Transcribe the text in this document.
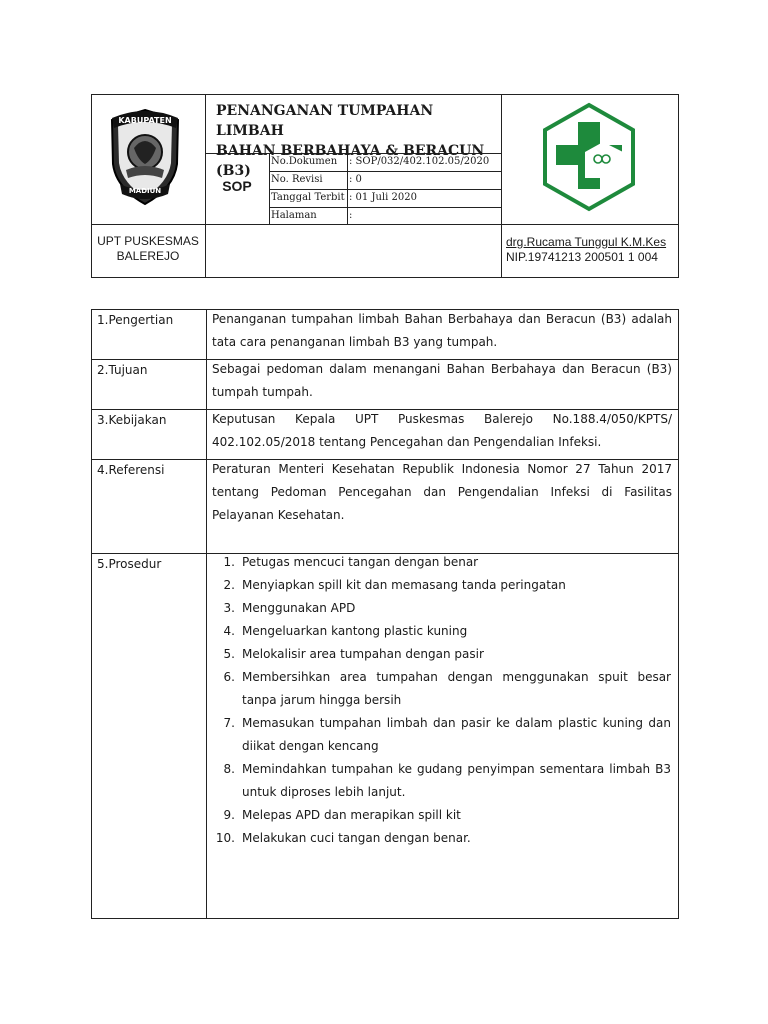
KABUPATEN
MADIUN
PENANGANAN TUMPAHAN LIMBAH
BAHAN BERBAHAYA & BERACUN (B3)
SOP
No.Dokumen : SOP/032/402.102.05/2020
No. Revisi	: 0
Tanggal Terbit : 01 Juli 2020
Halaman	:
UPT PUSKESMAS
BALEREJO
drg.Rucama Tunggul K.M.Kes
NIP.19741213 200501 1 004
1.Pengertian	Penanganan tumpahan limbah Bahan Berbahaya dan Beracun (B3) adalah tata cara penanganan limbah B3 yang tumpah.
2.Tujuan	Sebagai pedoman dalam menangani Bahan Berbahaya dan Beracun (B3) tumpah tumpah.
3.Kebijakan	Keputusan Kepala UPT Puskesmas Balerejo No.188.4/050/KPTS/ 402.102.05/2018 tentang Pencegahan dan Pengendalian Infeksi.
4.Referensi	Peraturan Menteri Kesehatan Republik Indonesia Nomor 27 Tahun 2017 tentang Pedoman Pencegahan dan Pengendalian Infeksi di Fasilitas Pelayanan Kesehatan.
5.Prosedur	1. Petugas mencuci tangan dengan benar
2. Menyiapkan spill kit dan memasang tanda peringatan
3. Menggunakan APD
4. Mengeluarkan kantong plastic kuning
5. Melokalisir area tumpahan dengan pasir
6. Membersihkan area tumpahan dengan menggunakan spuit besar tanpa jarum hingga bersih
7. Memasukan tumpahan limbah dan pasir ke dalam plastic kuning dan diikat dengan kencang
8. Memindahkan tumpahan ke gudang penyimpan sementara limbah B3 untuk diproses lebih lanjut.
9. Melepas APD dan merapikan spill kit
10. Melakukan cuci tangan dengan benar.
